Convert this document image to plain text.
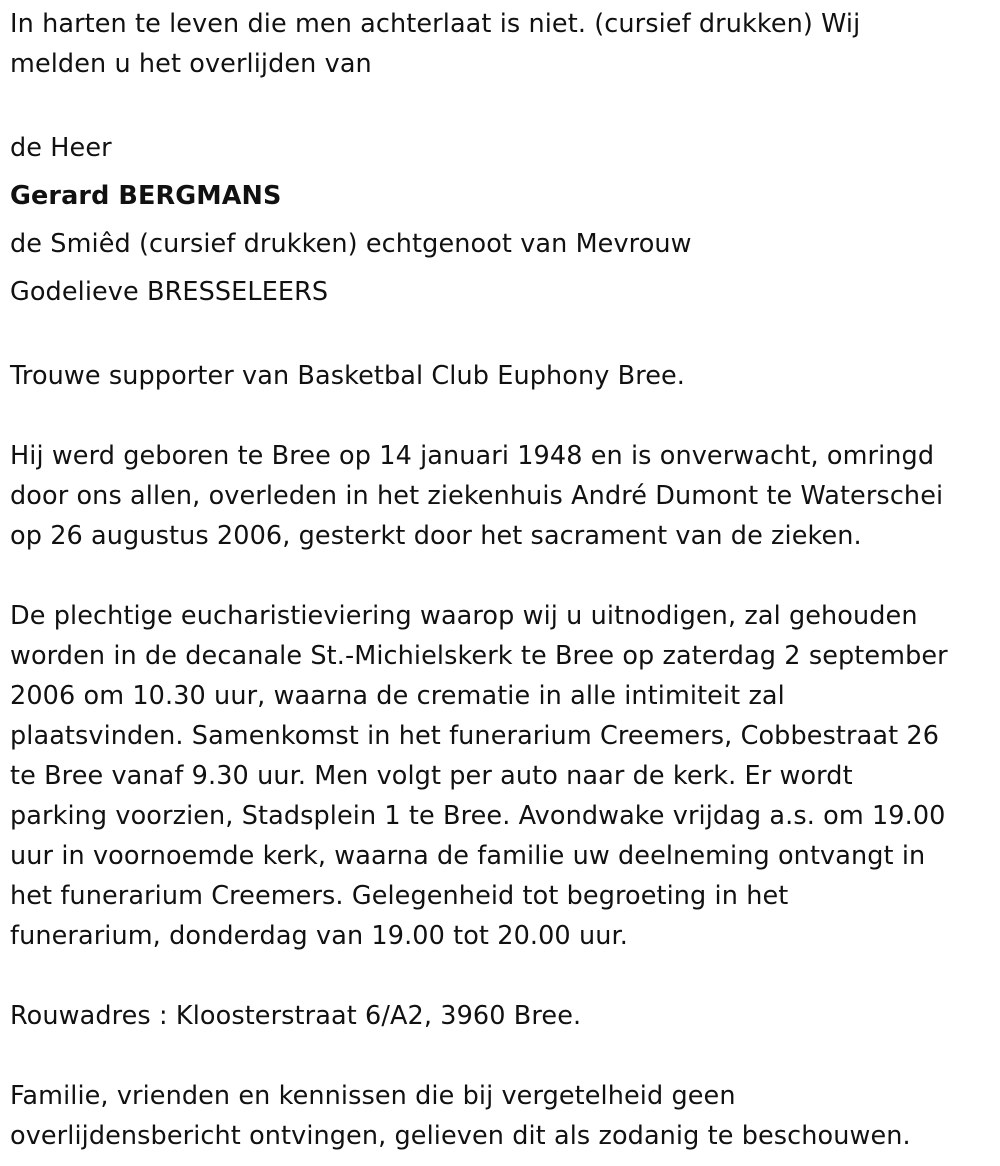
In harten te leven die men achterlaat is niet. (cursief drukken) Wij
melden u het overlijden van
de Heer
Gerard BERGMANS
de Smiêd (cursief drukken) echtgenoot van Mevrouw
Godelieve BRESSELEERS
Trouwe supporter van Basketbal Club Euphony Bree.
Hij werd geboren te Bree op 14 januari 1948 en is onverwacht, omringd
door ons allen, overleden in het ziekenhuis André Dumont te Waterschei
op 26 augustus 2006, gesterkt door het sacrament van de zieken.
De plechtige eucharistieviering waarop wij u uitnodigen, zal gehouden
worden in de decanale St.-Michielskerk te Bree op zaterdag 2 september
2006 om 10.30 uur, waarna de crematie in alle intimiteit zal
plaatsvinden. Samenkomst in het funerarium Creemers, Cobbestraat 26
te Bree vanaf 9.30 uur. Men volgt per auto naar de kerk. Er wordt
parking voorzien, Stadsplein 1 te Bree. Avondwake vrijdag a.s. om 19.00
uur in voornoemde kerk, waarna de familie uw deelneming ontvangt in
het funerarium Creemers. Gelegenheid tot begroeting in het
funerarium, donderdag van 19.00 tot 20.00 uur.
Rouwadres : Kloosterstraat 6/A2, 3960 Bree.
Familie, vrienden en kennissen die bij vergetelheid geen
overlijdensbericht ontvingen, gelieven dit als zodanig te beschouwen.
